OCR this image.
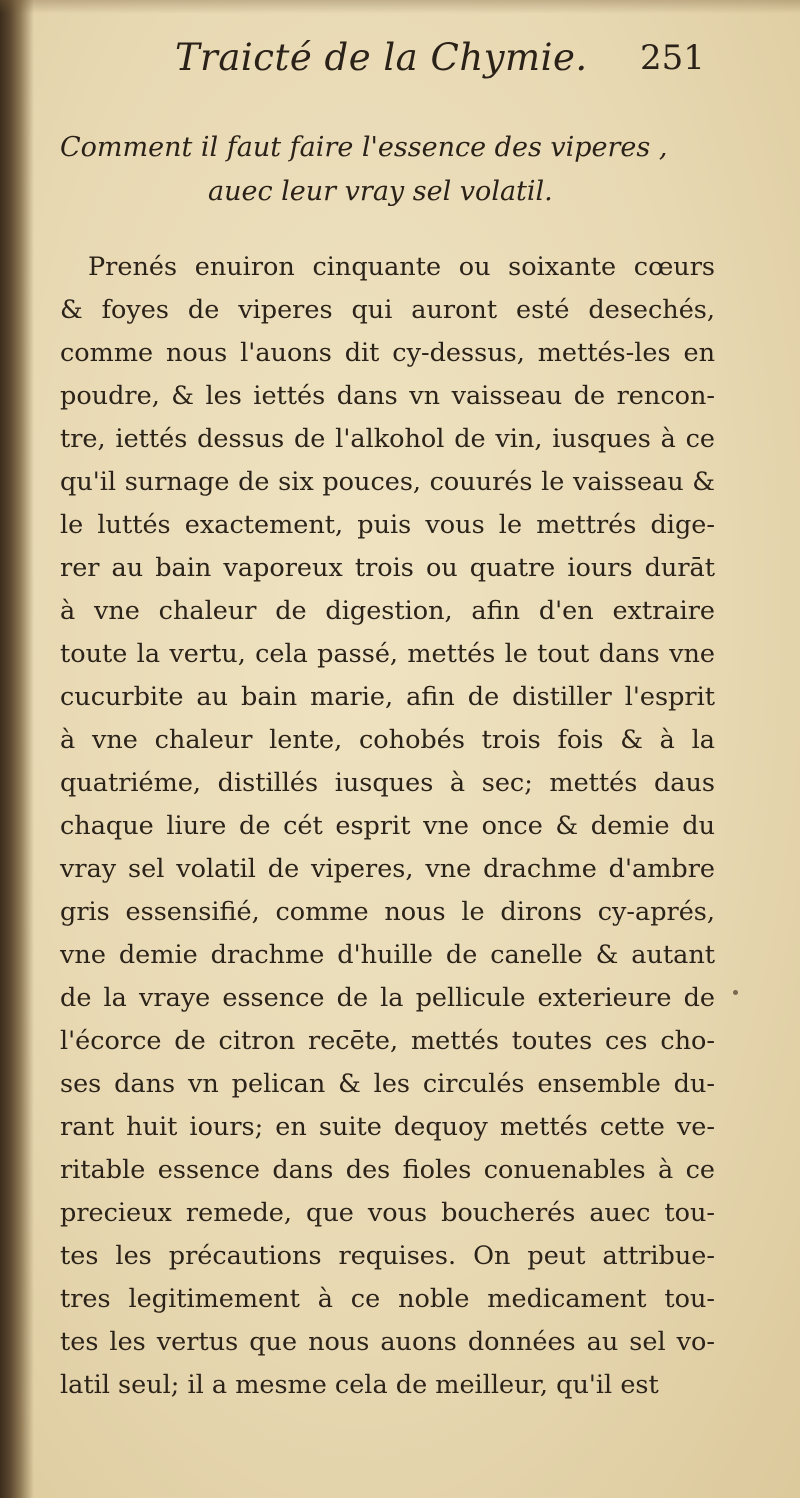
Traicté de la Chymie. 251
Comment il faut faire l'essence des viperes ,
auec leur vray sel volatil.
Prenés enuiron cinquante ou soixante cœurs
& foyes de viperes qui auront esté desechés,
comme nous l'auons dit cy-dessus, mettés-les en
poudre, & les iettés dans vn vaisseau de rencon-
tre, iettés dessus de l'alkohol de vin, iusques à ce
qu'il surnage de six pouces, couurés le vaisseau &
le luttés exactement, puis vous le mettrés dige-
rer au bain vaporeux trois ou quatre iours durāt
à vne chaleur de digestion, afin d'en extraire
toute la vertu, cela passé, mettés le tout dans vne
cucurbite au bain marie, afin de distiller l'esprit
à vne chaleur lente, cohobés trois fois & à la
quatriéme, distillés iusques à sec; mettés daus
chaque liure de cét esprit vne once & demie du
vray sel volatil de viperes, vne drachme d'ambre
gris essensifié, comme nous le dirons cy-aprés,
vne demie drachme d'huille de canelle & autant
de la vraye essence de la pellicule exterieure de
l'écorce de citron recēte, mettés toutes ces cho-
ses dans vn pelican & les circulés ensemble du-
rant huit iours; en suite dequoy mettés cette ve-
ritable essence dans des fioles conuenables à ce
precieux remede, que vous boucherés auec tou-
tes les précautions requises. On peut attribue-
tres legitimement à ce noble medicament tou-
tes les vertus que nous auons données au sel vo-
latil seul; il a mesme cela de meilleur, qu'il est
